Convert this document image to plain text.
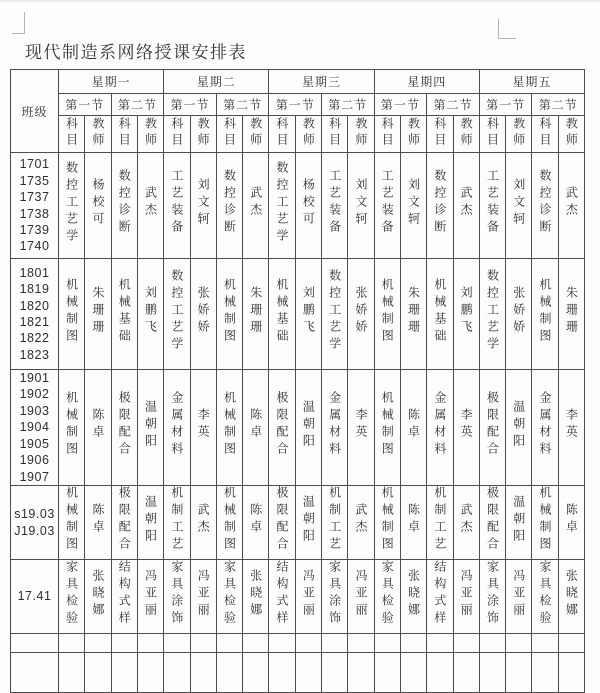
现代制造系网络授课安排表
班级	星期一				星期二				星期三				星期四				星期五			
	第一节		第二节		第一节		第二节		第一节		第二节		第一节		第二节		第一节		第二节	
	科目	教师	科目	教师	科目	教师	科目	教师	科目	教师	科目	教师	科目	教师	科目	教师	科目	教师	科目	教师

1701
1735
1737
1738
1739
1740
	数控工艺学	杨校可	数控诊断	武杰	工艺装备	刘文轲	数控诊断	武杰	数控工艺学	杨校可	工艺装备	刘文轲	工艺装备	刘文轲	数控诊断	武杰	工艺装备	刘文轲	数控诊断	武杰

1801
1819
1820
1821
1822
1823
	机械制图	朱珊珊	机械基础	刘鹏飞	数控工艺学	张娇娇	机械制图	朱珊珊	机械基础	刘鹏飞	数控工艺学	张娇娇	机械制图	朱珊珊	机械基础	刘鹏飞	数控工艺学	张娇娇	机械制图	朱珊珊

1901
1902
1903
1904
1905
1906
1907
	机械制图	陈卓	极限配合	温朝阳	金属材料	李英	机械制图	陈卓	极限配合	温朝阳	金属材料	李英	机械制图	陈卓	金属材料	李英	极限配合	温朝阳	金属材料	李英

s19.03
J19.03	机械制图	陈卓	极限配合	温朝阳	机制工艺	武杰	机械制图	陈卓	极限配合	温朝阳	机制工艺	武杰	机械制图	陈卓	机制工艺	武杰	极限配合	温朝阳	机械制图	陈卓

17.41	家具检验	张晓娜	结构式样	冯亚丽	家具涂饰	冯亚丽	家具检验	张晓娜	结构式样	冯亚丽	家具涂饰	冯亚丽	家具检验	张晓娜	结构式样	冯亚丽	家具涂饰	冯亚丽	家具检验	张晓娜
